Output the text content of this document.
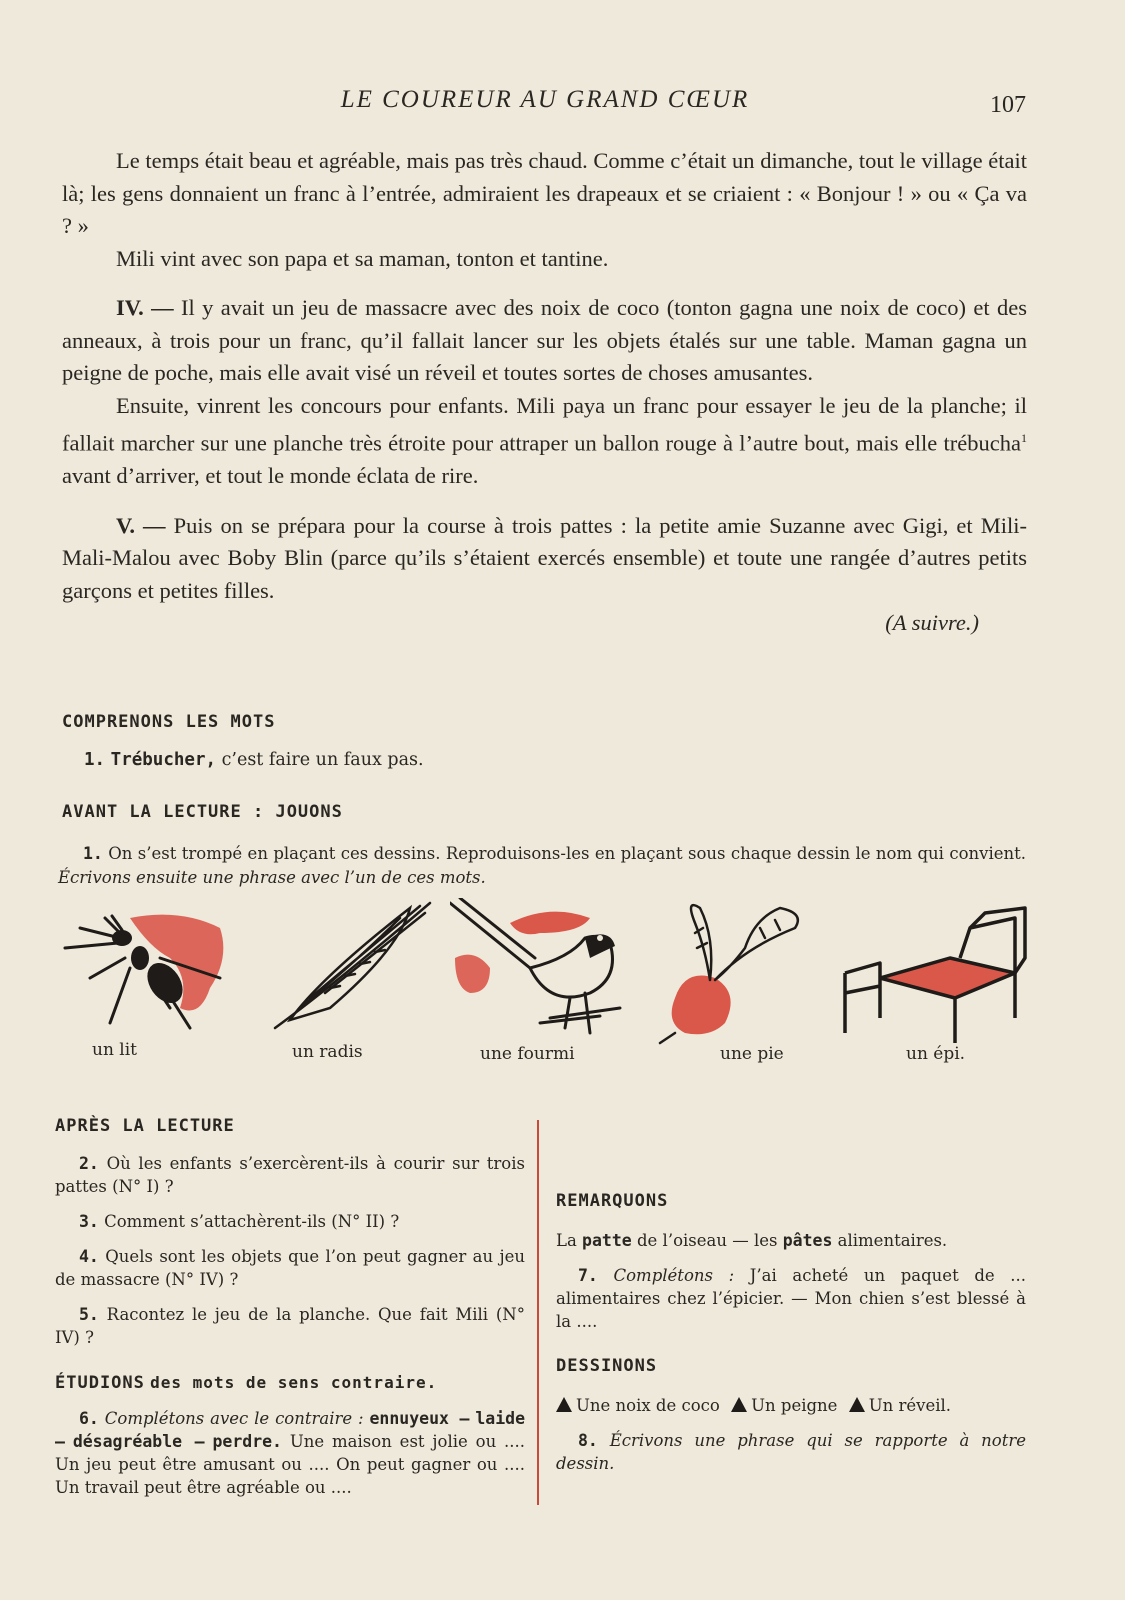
LE COUREUR AU GRAND CŒUR	107

Le temps était beau et agréable, mais pas très chaud. Comme c’était un dimanche, tout le village était là; les gens donnaient un franc à l’entrée, admiraient les drapeaux et se criaient : « Bonjour ! » ou « Ça va ? »

Mili vint avec son papa et sa maman, tonton et tantine.

IV. — Il y avait un jeu de massacre avec des noix de coco (tonton gagna une noix de coco) et des anneaux, à trois pour un franc, qu’il fallait lancer sur les objets étalés sur une table. Maman gagna un peigne de poche, mais elle avait visé un réveil et toutes sortes de choses amusantes.

Ensuite, vinrent les concours pour enfants. Mili paya un franc pour essayer le jeu de la planche; il fallait marcher sur une planche très étroite pour attraper un ballon rouge à l’autre bout, mais elle trébucha$^1$ avant d’arriver, et tout le monde éclata de rire.

V. — Puis on se prépara pour la course à trois pattes : la petite amie Suzanne avec Gigi, et Mili-Mali-Malou avec Boby Blin (parce qu’ils s’étaient exercés ensemble) et toute une rangée d’autres petits garçons et petites filles.

(A suivre.)
COMPRENONS LES MOTS
1. Trébucher, c’est faire un faux pas.
AVANT LA LECTURE : JOUONS
1. On s’est trompé en plaçant ces dessins. Reproduisons-les en plaçant sous chaque dessin le nom qui convient. Écrivons ensuite une phrase avec l’un de ces mots.
un lit	un radis	une fourmi	une pie	un épi.
APRÈS LA LECTURE

2. Où les enfants s’exercèrent-ils à courir sur trois pattes (N° I) ?

3. Comment s’attachèrent-ils (N° II) ?

4. Quels sont les objets que l’on peut gagner au jeu de massacre (N° IV) ?

5. Racontez le jeu de la planche. Que fait Mili (N° IV) ?

ÉTUDIONS des mots de sens contraire.

6. Complétons avec le contraire : ennuyeux — laide — désagréable — perdre. Une maison est jolie ou .... Un jeu peut être amusant ou .... On peut gagner ou .... Un travail peut être agréable ou ....

REMARQUONS

La patte de l’oiseau — les pâtes alimentaires.

7. Complétons : J’ai acheté un paquet de ... alimentaires chez l’épicier. — Mon chien s’est blessé à la ....

DESSINONS

Une noix de coco Un peigne Un réveil.

8. Écrivons une phrase qui se rapporte à notre dessin.
